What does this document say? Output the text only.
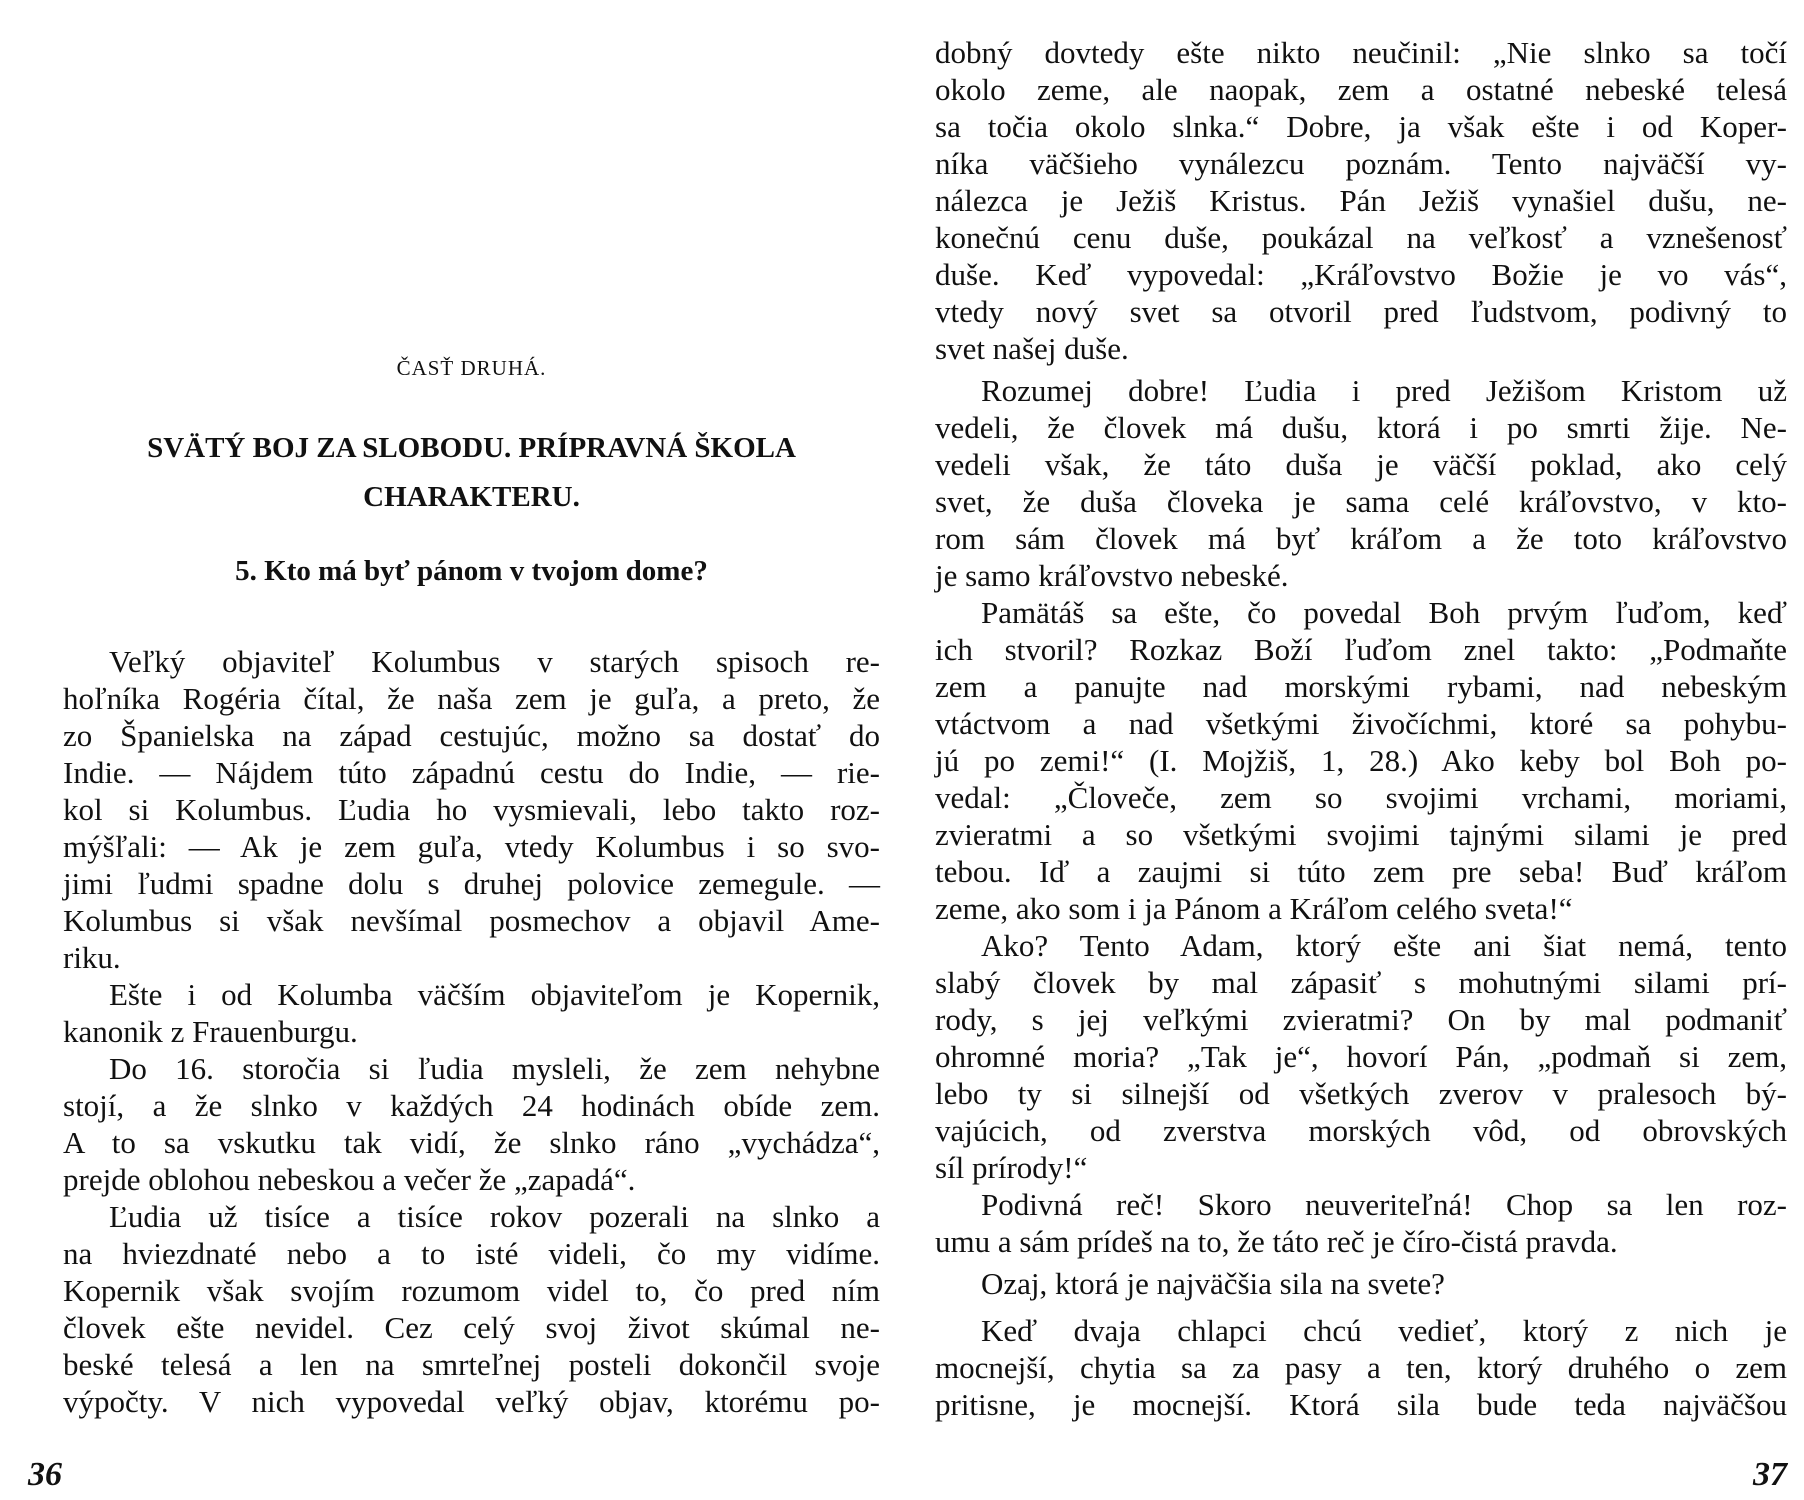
ČASŤ DRUHÁ.
SVÄTÝ BOJ ZA SLOBODU. PRÍPRAVNÁ ŠKOLA
CHARAKTERU.
5. Kto má byť pánom v tvojom dome?
Veľký objaviteľ Kolumbus v starých spisoch re-
hoľníka Rogéria čítal, že naša zem je guľa, a preto, že
zo Španielska na západ cestujúc, možno sa dostať do
Indie. — Nájdem túto západnú cestu do Indie, — rie-
kol si Kolumbus. Ľudia ho vysmievali, lebo takto roz-
mýšľali: — Ak je zem guľa, vtedy Kolumbus i so svo-
jimi ľudmi spadne dolu s druhej polovice zemegule. —
Kolumbus si však nevšímal posmechov a objavil Ame-
riku.
Ešte i od Kolumba väčším objaviteľom je Kopernik,
kanonik z Frauenburgu.
Do 16. storočia si ľudia mysleli, že zem nehybne
stojí, a že slnko v každých 24 hodinách obíde zem.
A to sa vskutku tak vidí, že slnko ráno „vychádza“,
prejde oblohou nebeskou a večer že „zapadá“.
Ľudia už tisíce a tisíce rokov pozerali na slnko a
na hviezdnaté nebo a to isté videli, čo my vidíme.
Kopernik však svojím rozumom videl to, čo pred ním
človek ešte nevidel. Cez celý svoj život skúmal ne-
beské telesá a len na smrteľnej posteli dokončil svoje
výpočty. V nich vypovedal veľký objav, ktorému po-
36
dobný dovtedy ešte nikto neučinil: „Nie slnko sa točí
okolo zeme, ale naopak, zem a ostatné nebeské telesá
sa točia okolo slnka.“ Dobre, ja však ešte i od Koper-
níka väčšieho vynálezcu poznám. Tento najväčší vy-
nálezca je Ježiš Kristus. Pán Ježiš vynašiel dušu, ne-
konečnú cenu duše, poukázal na veľkosť a vznešenosť
duše. Keď vypovedal: „Kráľovstvo Božie je vo vás“,
vtedy nový svet sa otvoril pred ľudstvom, podivný to
svet našej duše.
Rozumej dobre! Ľudia i pred Ježišom Kristom už
vedeli, že človek má dušu, ktorá i po smrti žije. Ne-
vedeli však, že táto duša je väčší poklad, ako celý
svet, že duša človeka je sama celé kráľovstvo, v kto-
rom sám človek má byť kráľom a že toto kráľovstvo
je samo kráľovstvo nebeské.
Pamätáš sa ešte, čo povedal Boh prvým ľuďom, keď
ich stvoril? Rozkaz Boží ľuďom znel takto: „Podmaňte
zem a panujte nad morskými rybami, nad nebeským
vtáctvom a nad všetkými živočíchmi, ktoré sa pohybu-
jú po zemi!“ (I. Mojžiš, 1, 28.) Ako keby bol Boh po-
vedal: „Človeče, zem so svojimi vrchami, moriami,
zvieratmi a so všetkými svojimi tajnými silami je pred
tebou. Iď a zaujmi si túto zem pre seba! Buď kráľom
zeme, ako som i ja Pánom a Kráľom celého sveta!“
Ako? Tento Adam, ktorý ešte ani šiat nemá, tento
slabý človek by mal zápasiť s mohutnými silami prí-
rody, s jej veľkými zvieratmi? On by mal podmaniť
ohromné moria? „Tak je“, hovorí Pán, „podmaň si zem,
lebo ty si silnejší od všetkých zverov v pralesoch bý-
vajúcich, od zverstva morských vôd, od obrovských
síl prírody!“
Podivná reč! Skoro neuveriteľná! Chop sa len roz-
umu a sám prídeš na to, že táto reč je číro-čistá pravda.
Ozaj, ktorá je najväčšia sila na svete?
Keď dvaja chlapci chcú vedieť, ktorý z nich je
mocnejší, chytia sa za pasy a ten, ktorý druhého o zem
pritisne, je mocnejší. Ktorá sila bude teda najväčšou
37
